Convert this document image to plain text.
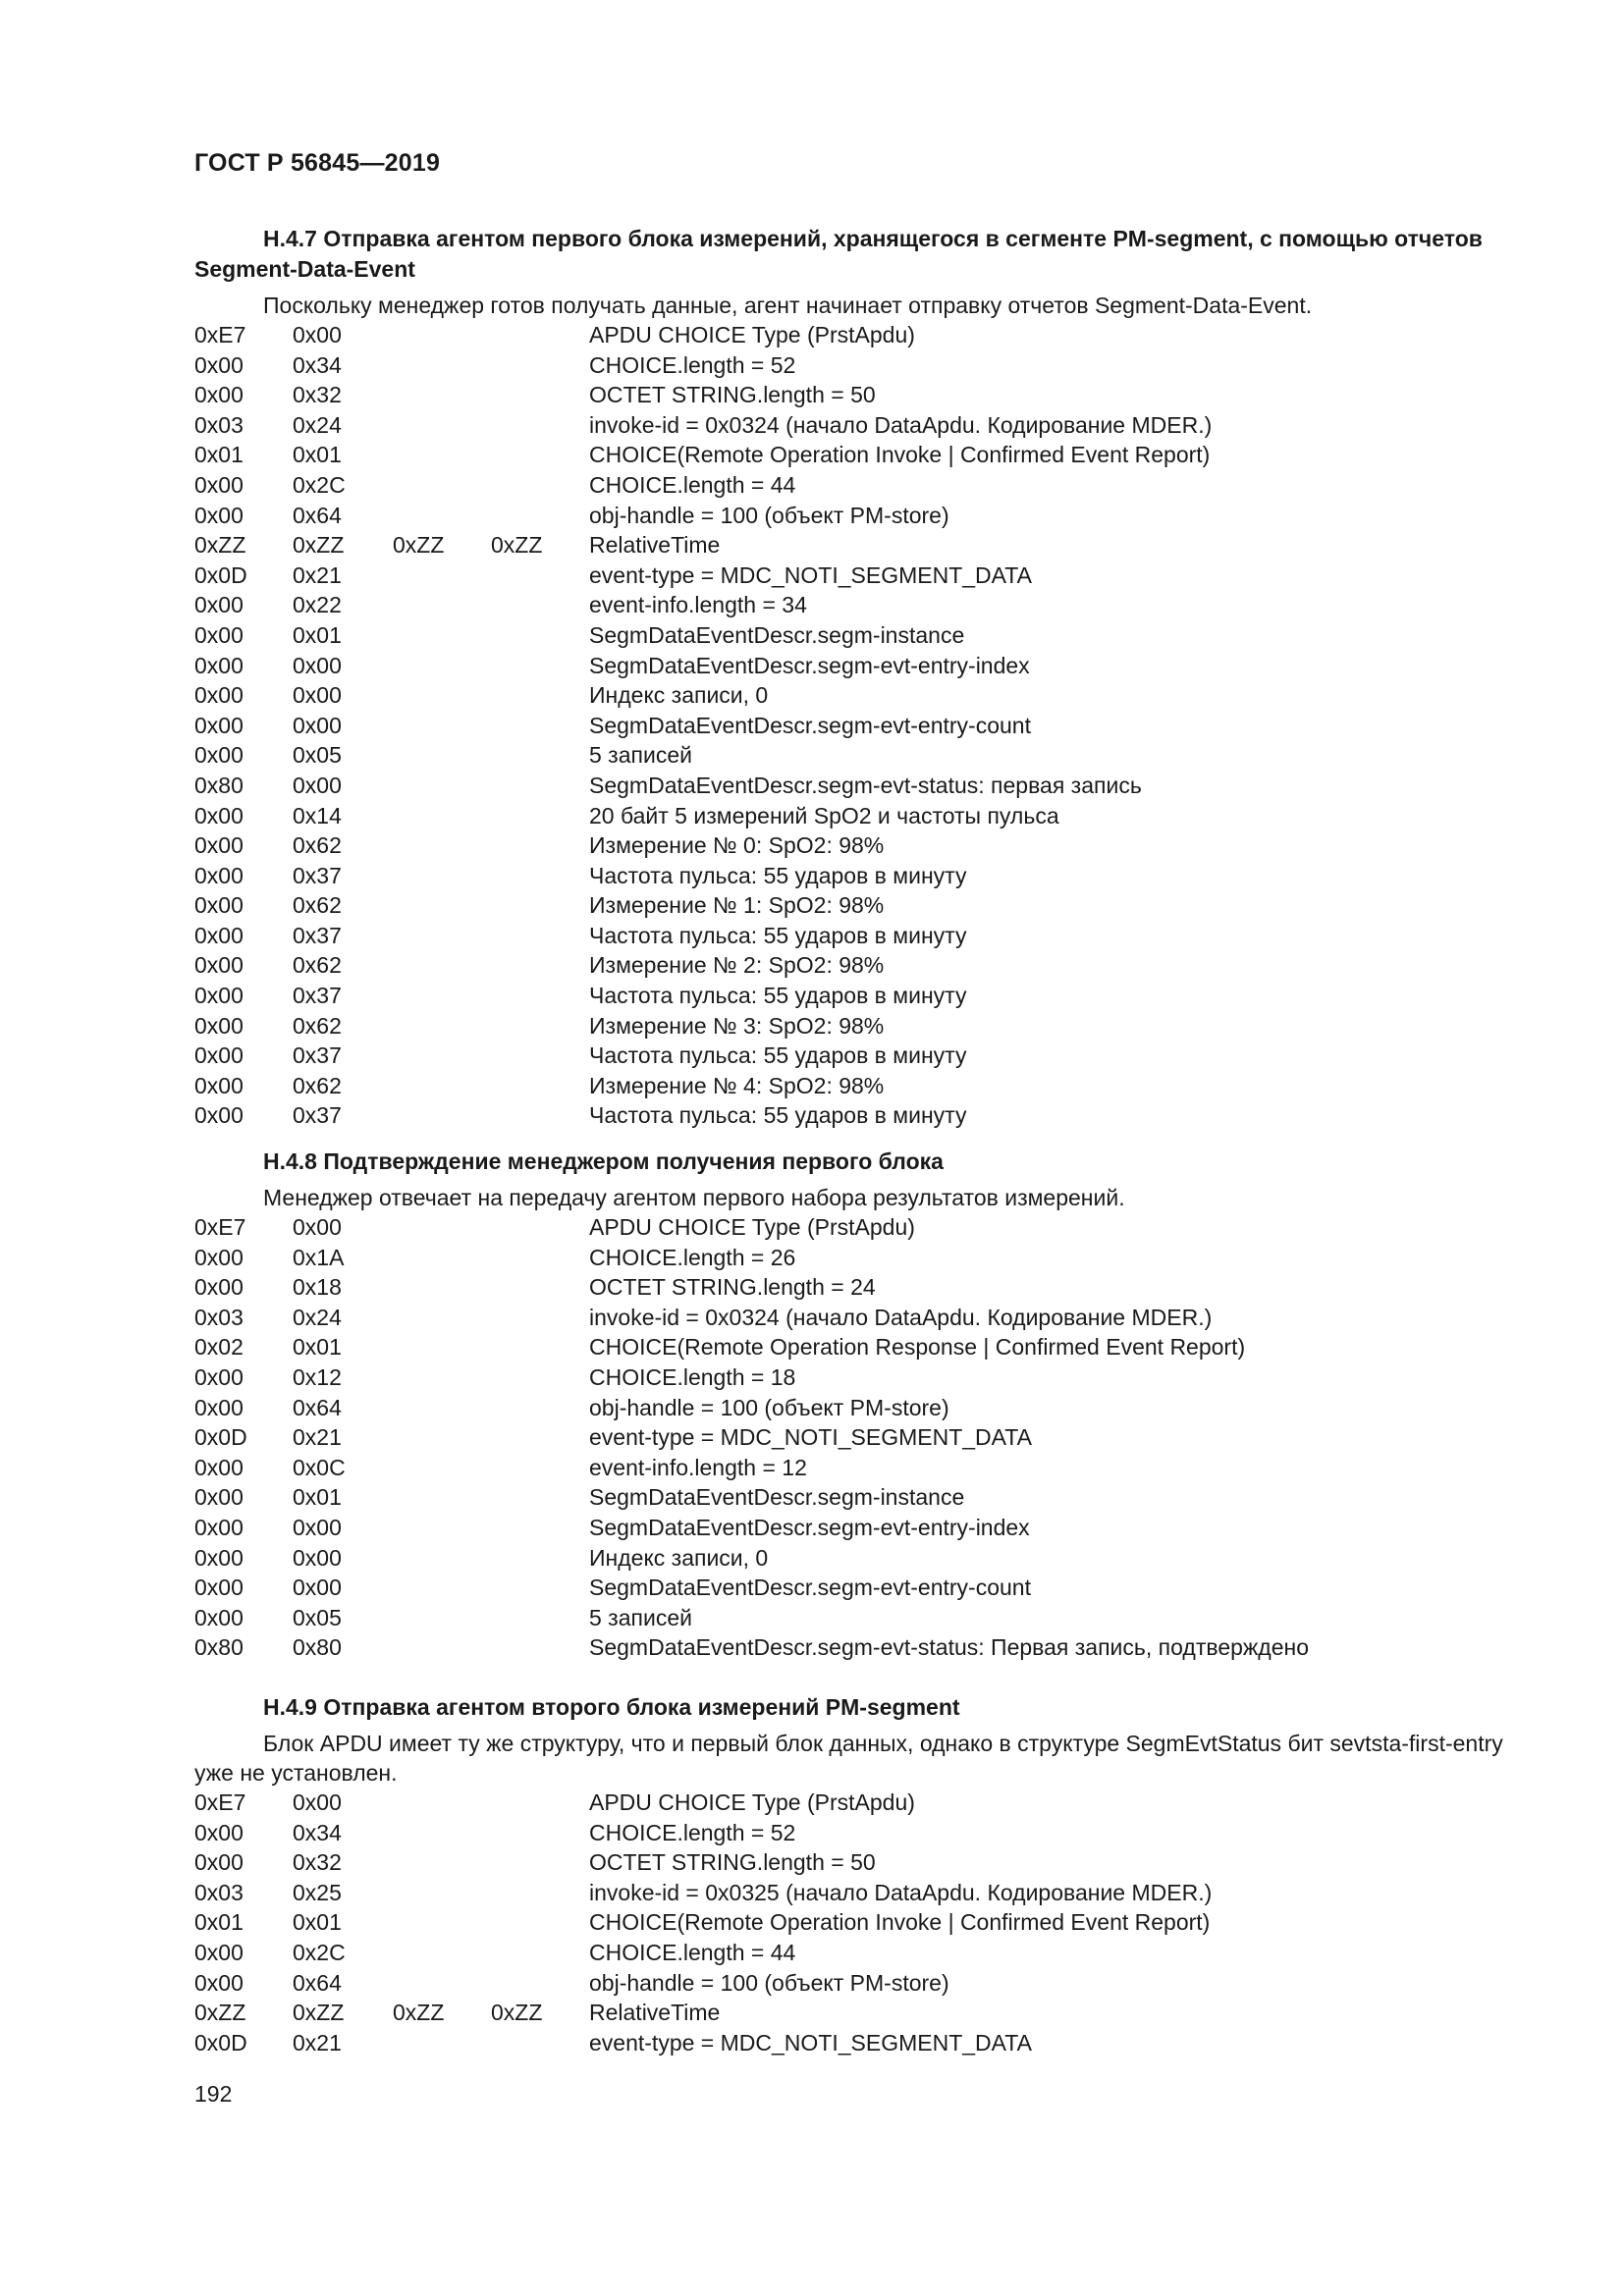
ГОСТ Р 56845—2019
H.4.7 Отправка агентом первого блока измерений, хранящегося в сегменте PM-segment, с помощью отчетов Segment-Data-Event
Поскольку менеджер готов получать данные, агент начинает отправку отчетов Segment-Data-Event.
0xE7 0x00	APDU CHOICE Type (PrstApdu)
0x00 0x34	CHOICE.length = 52
0x00 0x32	OCTET STRING.length = 50
0x03 0x24	invoke-id = 0x0324 (начало DataApdu. Кодирование MDER.)
0x01 0x01	CHOICE(Remote Operation Invoke | Confirmed Event Report)
0x00 0x2C	CHOICE.length = 44
0x00 0x64	obj-handle = 100 (объект PM-store)
0xZZ 0xZZ 0xZZ 0xZZ RelativeTime
0x0D 0x21	event-type = MDC_NOTI_SEGMENT_DATA
0x00 0x22	event-info.length = 34
0x00 0x01	SegmDataEventDescr.segm-instance
0x00 0x00	SegmDataEventDescr.segm-evt-entry-index
0x00 0x00	Индекс записи, 0
0x00 0x00	SegmDataEventDescr.segm-evt-entry-count
0x00 0x05	5 записей
0x80 0x00	SegmDataEventDescr.segm-evt-status: первая запись
0x00 0x14	20 байт 5 измерений SpO2 и частоты пульса
0x00 0x62	Измерение № 0: SpO2: 98%
0x00 0x37	Частота пульса: 55 ударов в минуту
0x00 0x62	Измерение № 1: SpO2: 98%
0x00 0x37	Частота пульса: 55 ударов в минуту
0x00 0x62	Измерение № 2: SpO2: 98%
0x00 0x37	Частота пульса: 55 ударов в минуту
0x00 0x62	Измерение № 3: SpO2: 98%
0x00 0x37	Частота пульса: 55 ударов в минуту
0x00 0x62	Измерение № 4: SpO2: 98%
0x00 0x37	Частота пульса: 55 ударов в минуту
H.4.8 Подтверждение менеджером получения первого блока
Менеджер отвечает на передачу агентом первого набора результатов измерений.
0xE7 0x00	APDU CHOICE Type (PrstApdu)
0x00 0x1A	CHOICE.length = 26
0x00 0x18	OCTET STRING.length = 24
0x03 0x24	invoke-id = 0x0324 (начало DataApdu. Кодирование MDER.)
0x02 0x01	CHOICE(Remote Operation Response | Confirmed Event Report)
0x00 0x12	CHOICE.length = 18
0x00 0x64	obj-handle = 100 (объект PM-store)
0x0D 0x21	event-type = MDC_NOTI_SEGMENT_DATA
0x00 0x0C	event-info.length = 12
0x00 0x01	SegmDataEventDescr.segm-instance
0x00 0x00	SegmDataEventDescr.segm-evt-entry-index
0x00 0x00	Индекс записи, 0
0x00 0x00	SegmDataEventDescr.segm-evt-entry-count
0x00 0x05	5 записей
0x80 0x80	SegmDataEventDescr.segm-evt-status: Первая запись, подтверждено
H.4.9 Отправка агентом второго блока измерений PM-segment
Блок APDU имеет ту же структуру, что и первый блок данных, однако в структуре SegmEvtStatus бит sevtsta-first-entry уже не установлен.
0xE7 0x00	APDU CHOICE Type (PrstApdu)
0x00 0x34	CHOICE.length = 52
0x00 0x32	OCTET STRING.length = 50
0x03 0x25	invoke-id = 0x0325 (начало DataApdu. Кодирование MDER.)
0x01 0x01	CHOICE(Remote Operation Invoke | Confirmed Event Report)
0x00 0x2C	CHOICE.length = 44
0x00 0x64	obj-handle = 100 (объект PM-store)
0xZZ 0xZZ 0xZZ 0xZZ RelativeTime
0x0D 0x21	event-type = MDC_NOTI_SEGMENT_DATA
192
